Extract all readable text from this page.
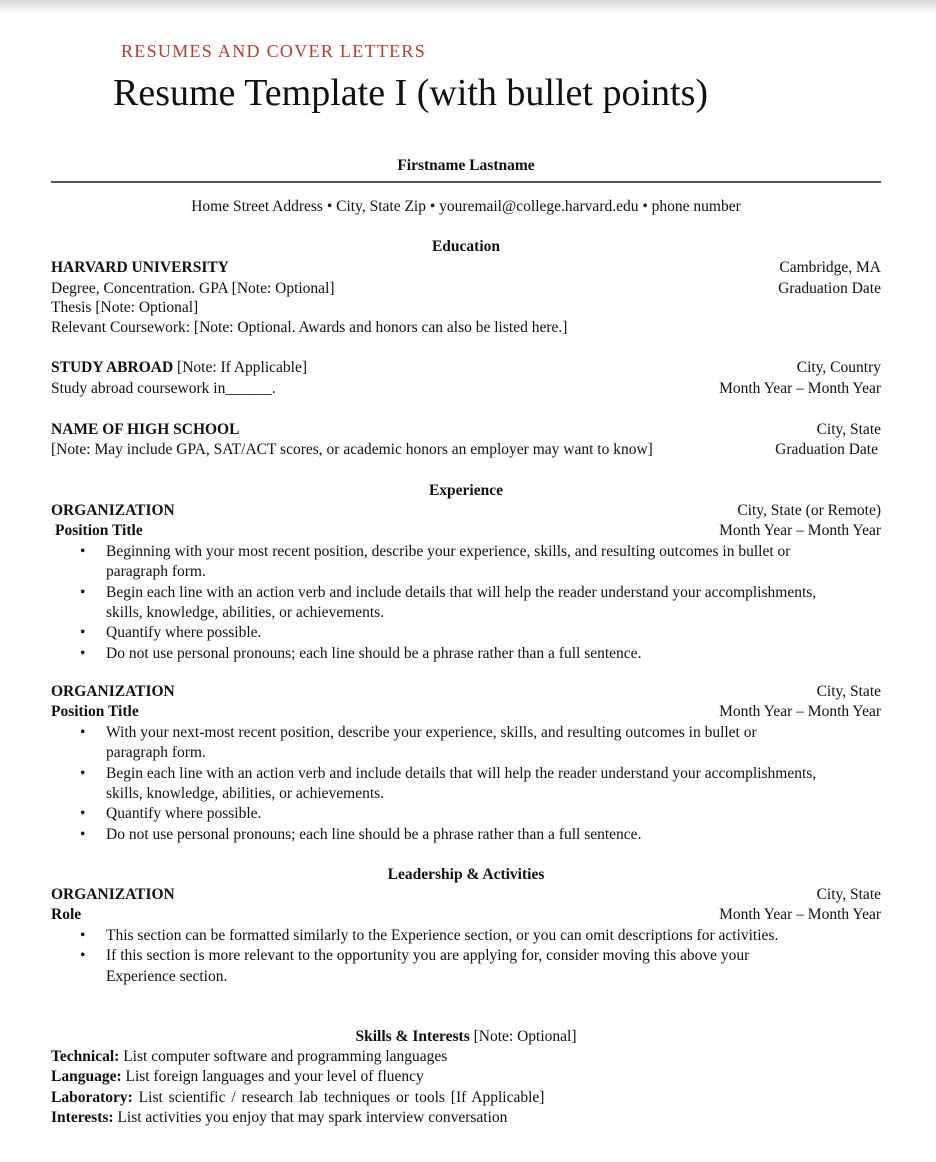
RESUMES AND COVER LETTERS
Resume Template I (with bullet points)
Firstname Lastname
Home Street Address • City, State Zip • youremail@college.harvard.edu • phone number
Education
HARVARD UNIVERSITY	Cambridge, MA
Degree, Concentration. GPA [Note: Optional]	Graduation Date
Thesis [Note: Optional]
Relevant Coursework: [Note: Optional. Awards and honors can also be listed here.]
STUDY ABROAD [Note: If Applicable]	City, Country
Study abroad coursework in______.	Month Year – Month Year
NAME OF HIGH SCHOOL	City, State
[Note: May include GPA, SAT/ACT scores, or academic honors an employer may want to know]	Graduation Date
Experience
ORGANIZATION	City, State (or Remote)
Position Title	Month Year – Month Year
• Beginning with your most recent position, describe your experience, skills, and resulting outcomes in bullet or
paragraph form.
• Begin each line with an action verb and include details that will help the reader understand your accomplishments,
skills, knowledge, abilities, or achievements.
• Quantify where possible.
• Do not use personal pronouns; each line should be a phrase rather than a full sentence.
ORGANIZATION	City, State
Position Title	Month Year – Month Year
• With your next-most recent position, describe your experience, skills, and resulting outcomes in bullet or
paragraph form.
• Begin each line with an action verb and include details that will help the reader understand your accomplishments,
skills, knowledge, abilities, or achievements.
• Quantify where possible.
• Do not use personal pronouns; each line should be a phrase rather than a full sentence.
Leadership & Activities
ORGANIZATION	City, State
Role	Month Year – Month Year
• This section can be formatted similarly to the Experience section, or you can omit descriptions for activities.
• If this section is more relevant to the opportunity you are applying for, consider moving this above your
Experience section.
Skills & Interests [Note: Optional]
Technical: List computer software and programming languages
Language: List foreign languages and your level of fluency
Laboratory: List scientific / research lab techniques or tools [If Applicable]
Interests: List activities you enjoy that may spark interview conversation
